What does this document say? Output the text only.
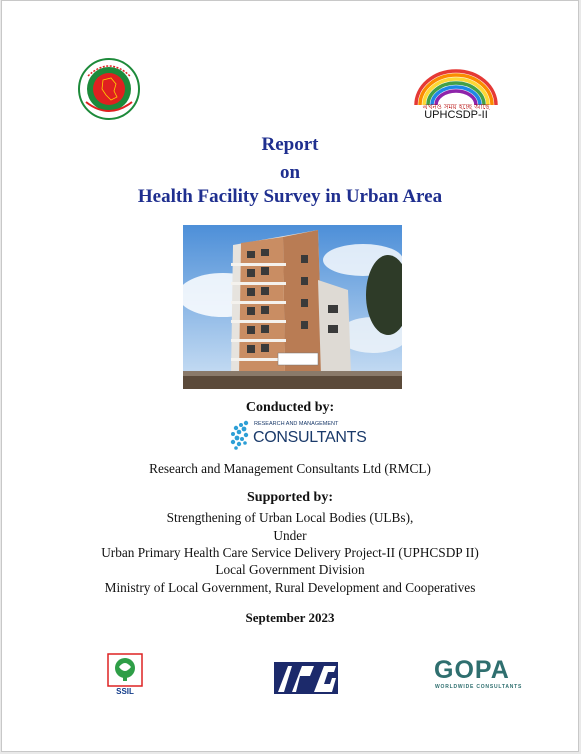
এখনও সময় হচ্ছে আছে
UPHCSDP-II
Report
on
Health Facility Survey in Urban Area
Conducted by:
RESEARCH AND MANAGEMENT
CONSULTANTS
Research and Management Consultants Ltd (RMCL)
Supported by:
Strengthening of Urban Local Bodies (ULBs),
Under
Urban Primary Health Care Service Delivery Project-II (UPHCSDP II)
Local Government Division
Ministry of Local Government, Rural Development and Cooperatives
September 2023
SSIL
GOPA
WORLDWIDE CONSULTANTS
